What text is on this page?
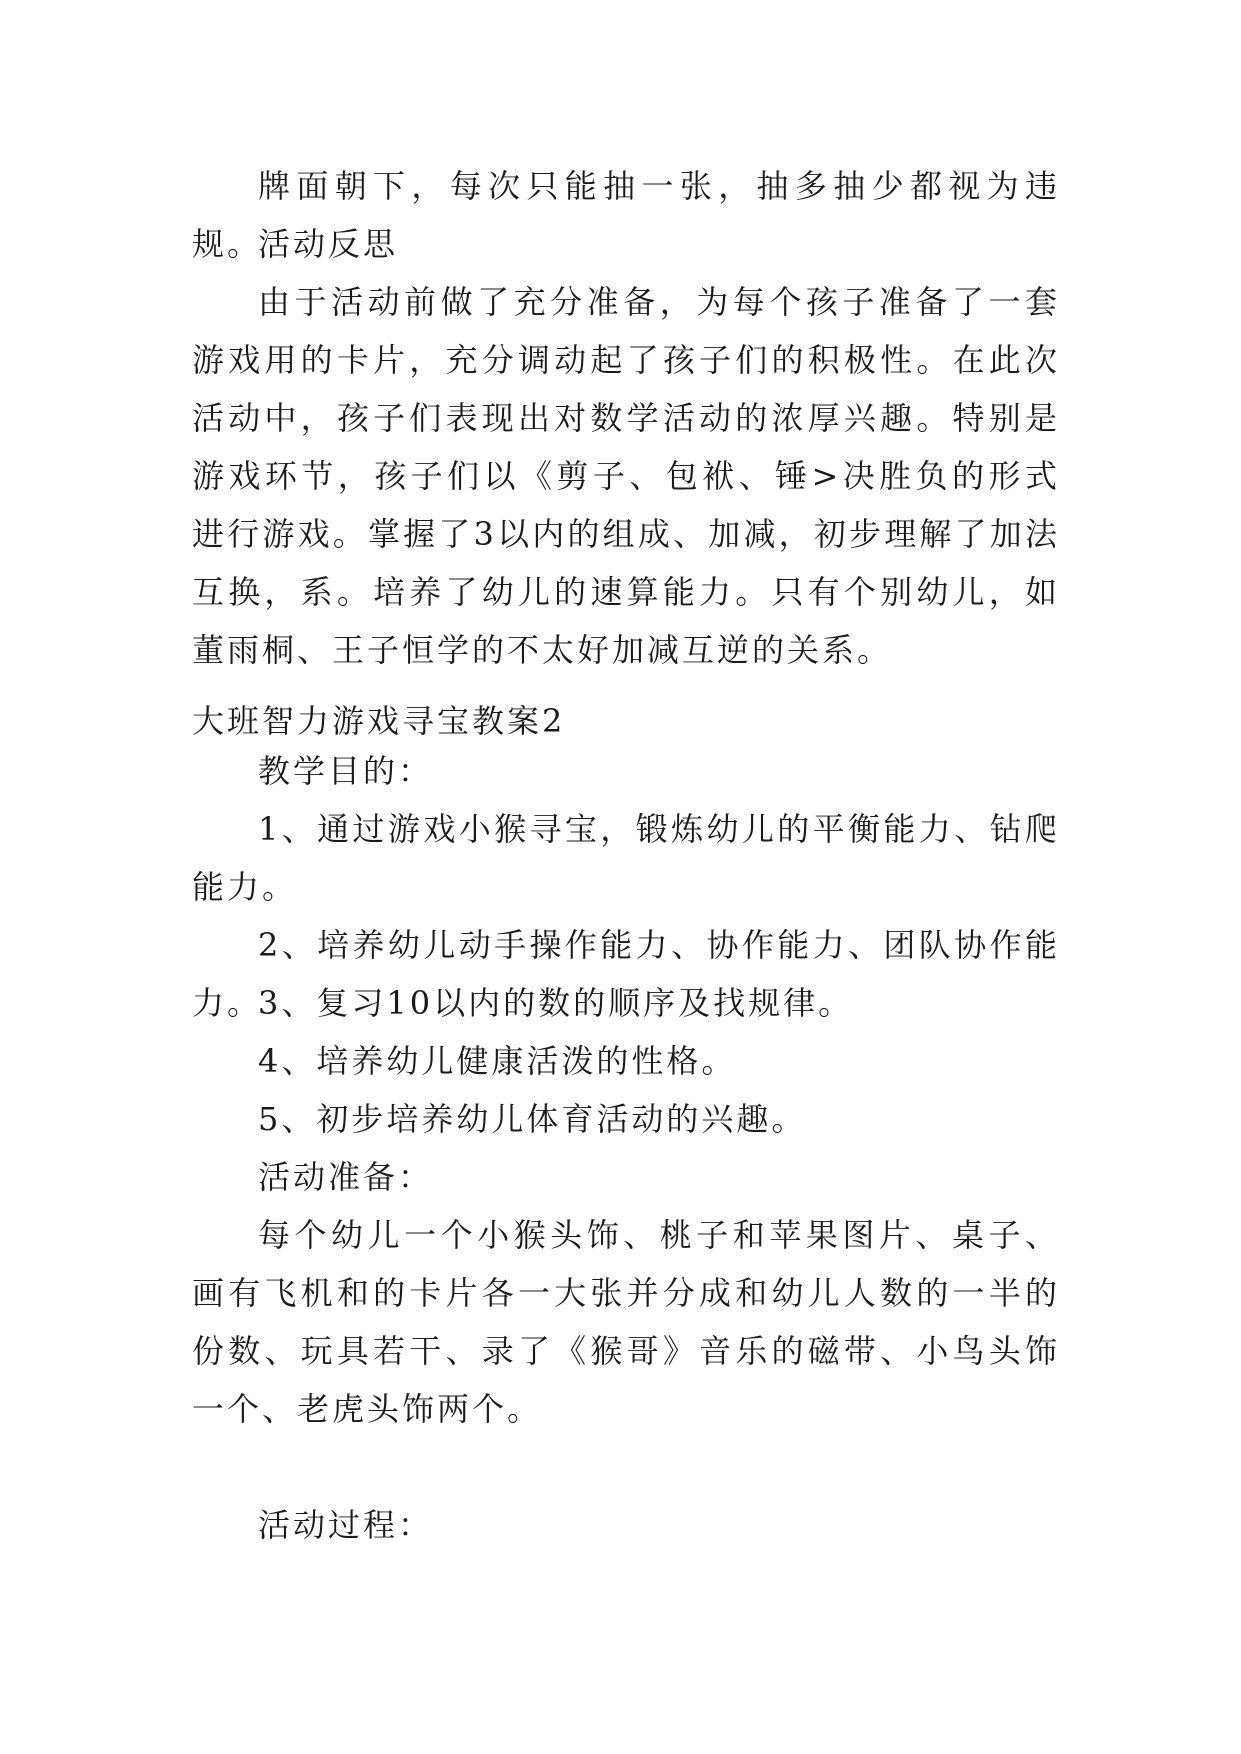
牌面朝下，每次只能抽一张，抽多抽少都视为违规。

活动反思

由于活动前做了充分准备，为每个孩子准备了一套游戏用的卡片，充分调动起了孩子们的积极性。在此次活动中，孩子们表现出对数学活动的浓厚兴趣。特别是游戏环节，孩子们以《剪子、包袱、锤>决胜负的形式进行游戏。掌握了3以内的组成、加减，初步理解了加法互换，系。培养了幼儿的速算能力。只有个别幼儿，如董雨桐、王子恒学的不太好加减互逆的关系。

大班智力游戏寻宝教案2

教学目的：

1、通过游戏小猴寻宝，锻炼幼儿的平衡能力、钻爬能力。

2、培养幼儿动手操作能力、协作能力、团队协作能力。

3、复习10以内的数的顺序及找规律。

4、培养幼儿健康活泼的性格。

5、初步培养幼儿体育活动的兴趣。

活动准备：

每个幼儿一个小猴头饰、桃子和苹果图片、桌子、画有飞机和的卡片各一大张并分成和幼儿人数的一半的份数、玩具若干、录了《猴哥》音乐的磁带、小鸟头饰一个、老虎头饰两个。

活动过程：
